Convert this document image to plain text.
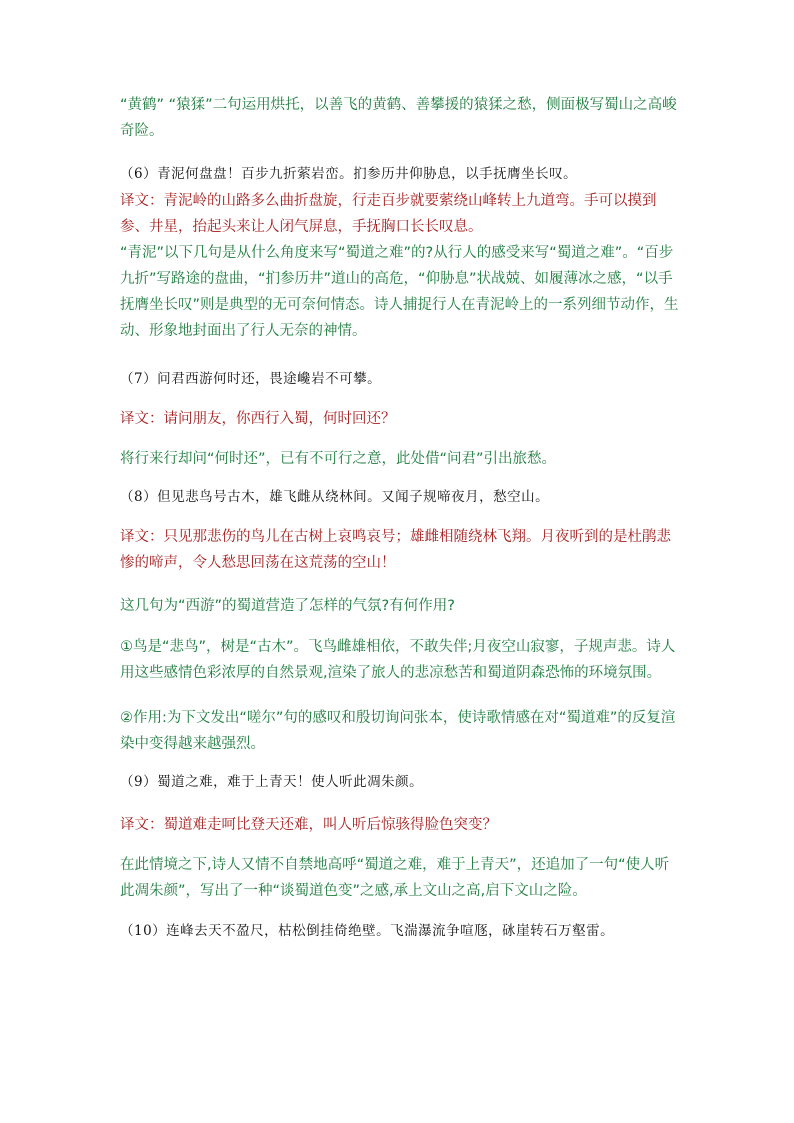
“黄鹤” “猿猱”二句运用烘托，以善飞的黄鹤、善攀援的猿猱之愁，侧面极写蜀山之高峻奇险。
（6）青泥何盘盘！百步九折萦岩峦。扪参历井仰胁息，以手抚膺坐长叹。
译文：青泥岭的山路多么曲折盘旋，行走百步就要萦绕山峰转上九道弯。手可以摸到参、井星，抬起头来让人闭气屏息，手抚胸口长长叹息。
“青泥”以下几句是从什么角度来写“蜀道之难”的?从行人的感受来写“蜀道之难”。“百步九折”写路途的盘曲，“扪参历井”道山的高危，“仰胁息”状战兢、如履薄冰之感，“以手抚膺坐长叹”则是典型的无可奈何情态。诗人捕捉行人在青泥岭上的一系列细节动作，生动、形象地封面出了行人无奈的神情。
（7）问君西游何时还，畏途巉岩不可攀。
译文：请问朋友，你西行入蜀，何时回还？
将行来行却问“何时还”，已有不可行之意，此处借“问君”引出旅愁。
（8）但见悲鸟号古木，雄飞雌从绕林间。又闻子规啼夜月，愁空山。
译文：只见那悲伤的鸟儿在古树上哀鸣哀号；雄雌相随绕林飞翔。月夜听到的是杜鹃悲惨的啼声，令人愁思回荡在这荒荡的空山！
这几句为“西游”的蜀道营造了怎样的气氛?有何作用?
①鸟是“悲鸟”，树是“古木”。飞鸟雌雄相依，不敢失伴;月夜空山寂寥，子规声悲。诗人用这些感情色彩浓厚的自然景观,渲染了旅人的悲凉愁苦和蜀道阴森恐怖的环境氛围。
②作用:为下文发出“嗟尔”句的感叹和殷切询问张本，使诗歌情感在对“蜀道难”的反复渲染中变得越来越强烈。
（9）蜀道之难，难于上青天！使人听此凋朱颜。
译文：蜀道难走呵比登天还难，叫人听后惊骇得脸色突变？
在此情境之下,诗人又情不自禁地高呼“蜀道之难，难于上青天”，还追加了一句“使人听此凋朱颜”，写出了一种“谈蜀道色变”之感,承上文山之高,启下文山之险。
（10）连峰去天不盈尺，枯松倒挂倚绝壁。飞湍瀑流争喧豗，砯崖转石万壑雷。
